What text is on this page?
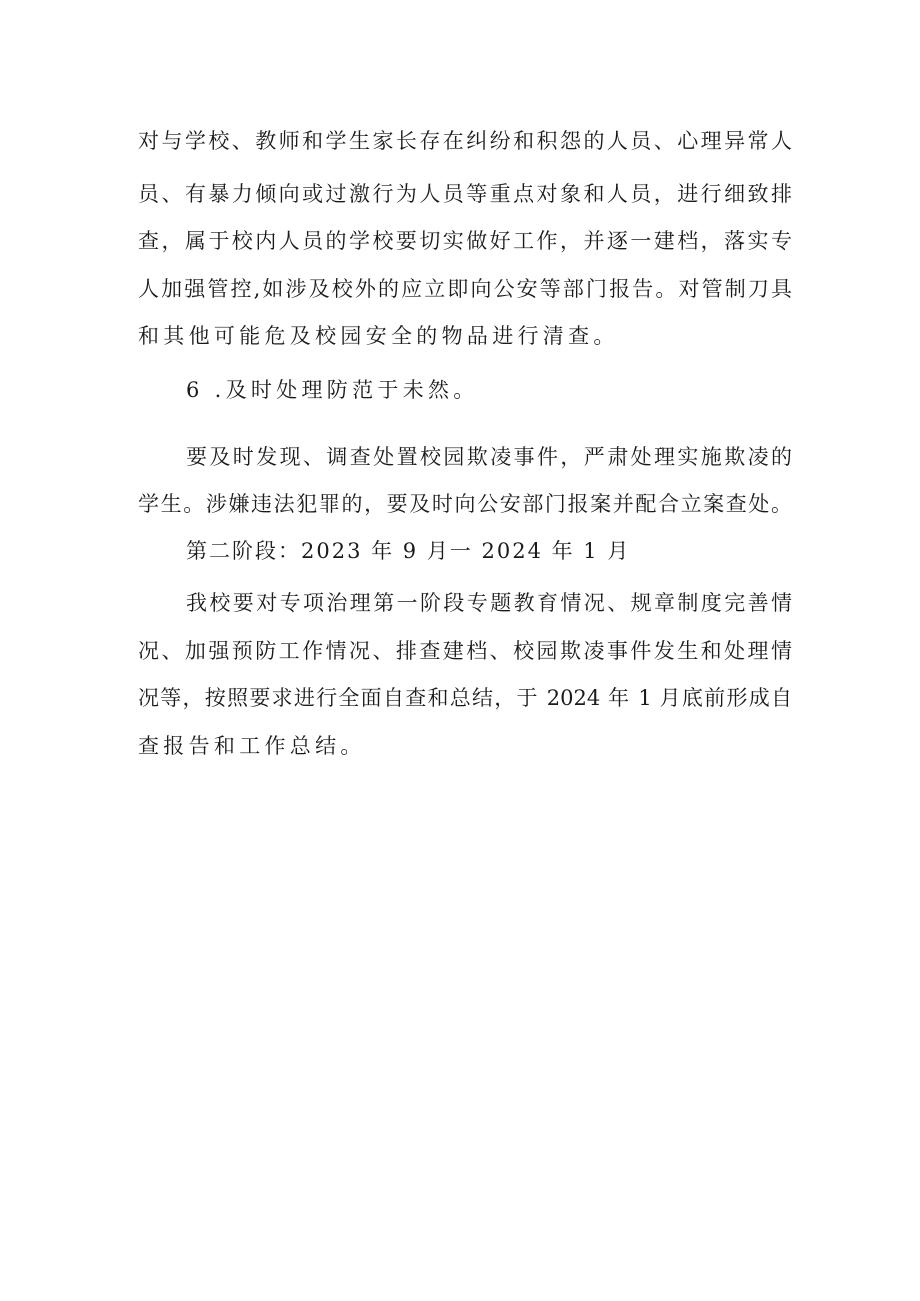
对与学校、教师和学生家长存在纠纷和积怨的人员、心理异常人
员、有暴力倾向或过激行为人员等重点对象和人员，进行细致排
查，属于校内人员的学校要切实做好工作，并逐一建档，落实专
人加强管控,如涉及校外的应立即向公安等部门报告。对管制刀具
和其他可能危及校园安全的物品进行清查。
6 .及时处理防范于未然。
要及时发现、调查处置校园欺凌事件，严肃处理实施欺凌的
学生。涉嫌违法犯罪的，要及时向公安部门报案并配合立案查处。
第二阶段：2023 年 9 月一 2024 年 1 月
我校要对专项治理第一阶段专题教育情况、规章制度完善情
况、加强预防工作情况、排查建档、校园欺凌事件发生和处理情
况等，按照要求进行全面自查和总结，于 2024 年 1 月底前形成自
查报告和工作总结。
